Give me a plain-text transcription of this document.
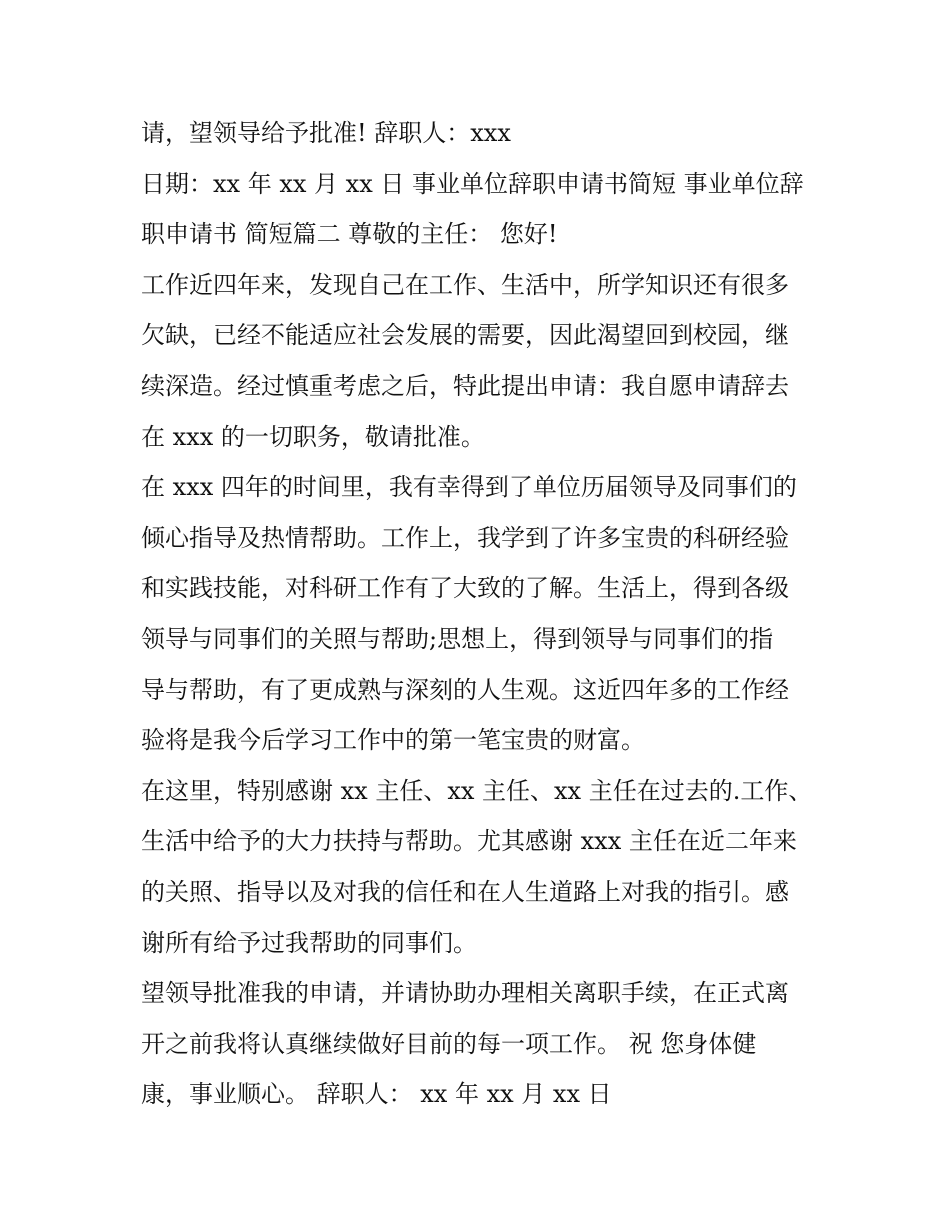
请，望领导给予批准! 辞职人：xxx
日期：xx 年 xx 月 xx 日 事业单位辞职申请书简短 事业单位辞
职申请书 简短篇二 尊敬的主任： 您好!
工作近四年来，发现自己在工作、生活中，所学知识还有很多
欠缺，已经不能适应社会发展的需要，因此渴望回到校园，继
续深造。经过慎重考虑之后，特此提出申请：我自愿申请辞去
在 xxx 的一切职务，敬请批准。
在 xxx 四年的时间里，我有幸得到了单位历届领导及同事们的
倾心指导及热情帮助。工作上，我学到了许多宝贵的科研经验
和实践技能，对科研工作有了大致的了解。生活上，得到各级
领导与同事们的关照与帮助;思想上，得到领导与同事们的指
导与帮助，有了更成熟与深刻的人生观。这近四年多的工作经
验将是我今后学习工作中的第一笔宝贵的财富。
在这里，特别感谢 xx 主任、xx 主任、xx 主任在过去的.工作、
生活中给予的大力扶持与帮助。尤其感谢 xxx 主任在近二年来
的关照、指导以及对我的信任和在人生道路上对我的指引。感
谢所有给予过我帮助的同事们。
望领导批准我的申请，并请协助办理相关离职手续，在正式离
开之前我将认真继续做好目前的每一项工作。 祝 您身体健
康，事业顺心。 辞职人： xx 年 xx 月 xx 日
